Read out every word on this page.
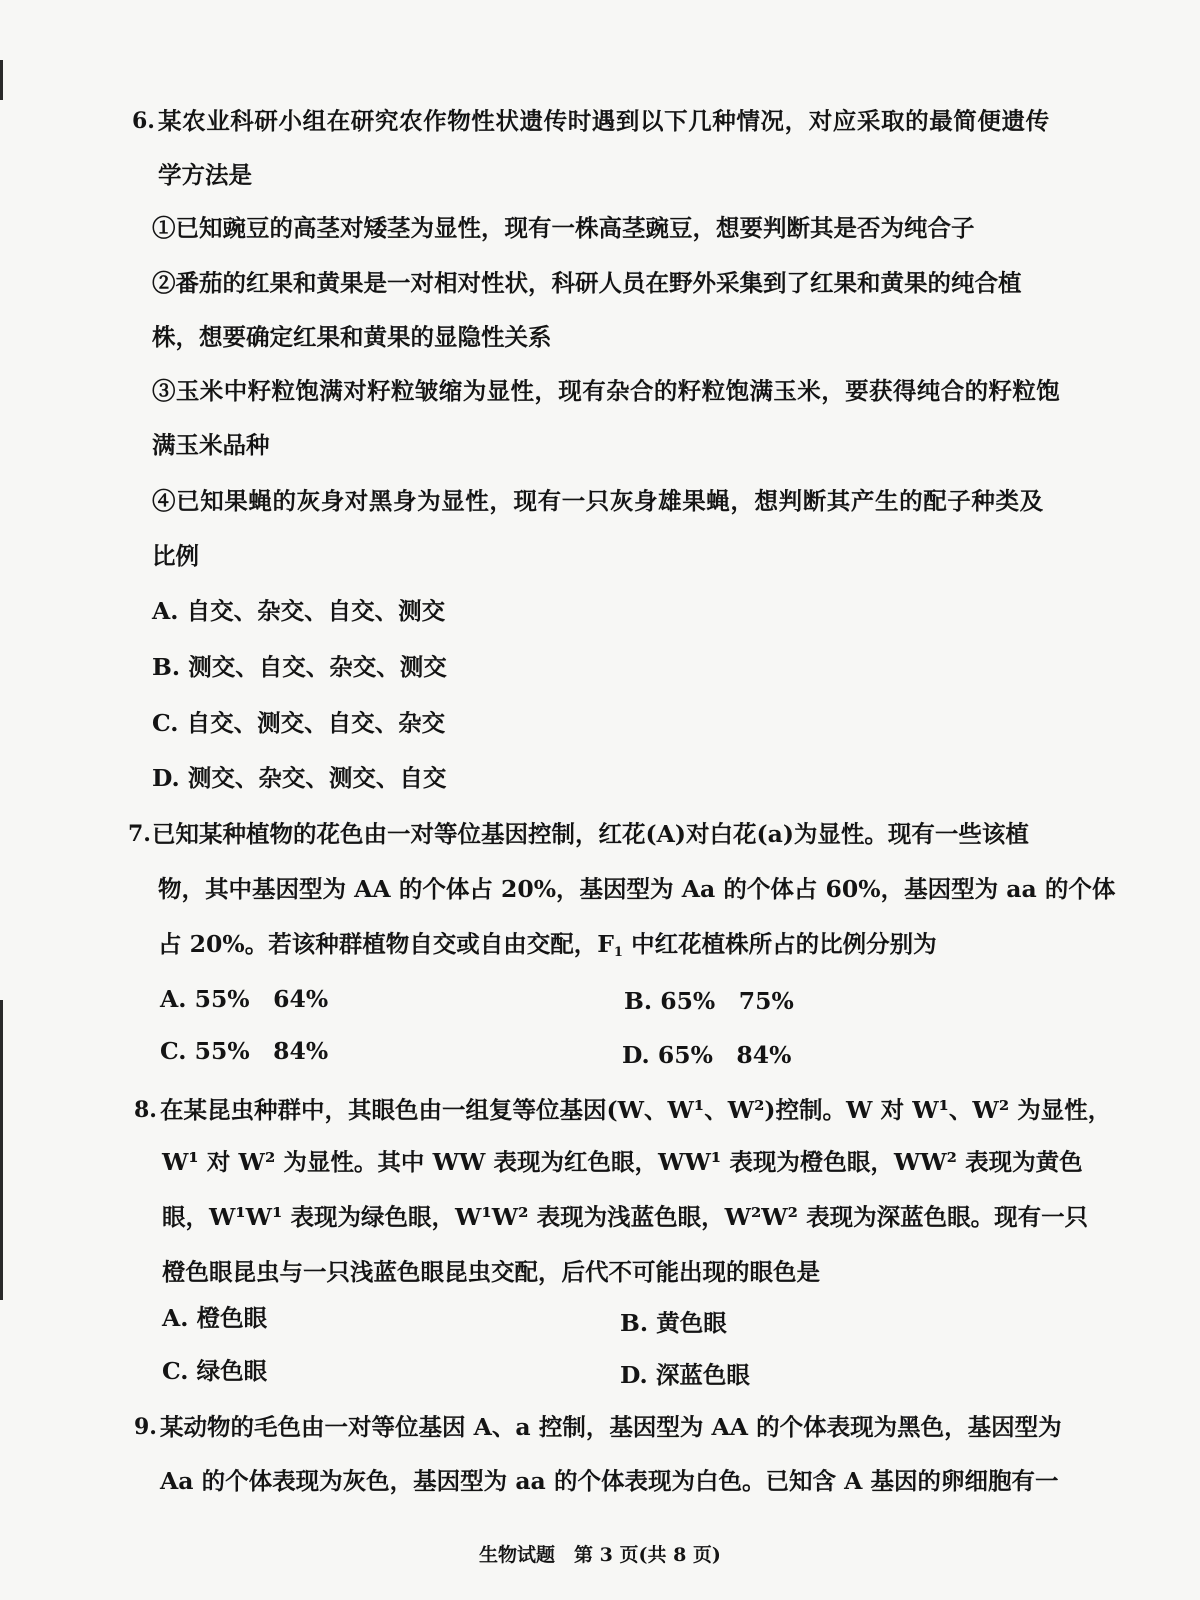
6. 某农业科研小组在研究农作物性状遗传时遇到以下几种情况，对应采取的最简便遗传
学方法是
①已知豌豆的高茎对矮茎为显性，现有一株高茎豌豆，想要判断其是否为纯合子
②番茄的红果和黄果是一对相对性状，科研人员在野外采集到了红果和黄果的纯合植
株，想要确定红果和黄果的显隐性关系
③玉米中籽粒饱满对籽粒皱缩为显性，现有杂合的籽粒饱满玉米，要获得纯合的籽粒饱
满玉米品种
④已知果蝇的灰身对黑身为显性，现有一只灰身雄果蝇，想判断其产生的配子种类及
比例
A. 自交、杂交、自交、测交
B. 测交、自交、杂交、测交
C. 自交、测交、自交、杂交
D. 测交、杂交、测交、自交
7. 已知某种植物的花色由一对等位基因控制，红花(A)对白花(a)为显性。现有一些该植
物，其中基因型为 AA 的个体占 20%，基因型为 Aa 的个体占 60%，基因型为 aa 的个体
占 20%。若该种群植物自交或自由交配，$F_1$ 中红花植株所占的比例分别为
A. 55%　64%	B. 65%　75%
C. 55%　84%	D. 65%　84%
8. 在某昆虫种群中，其眼色由一组复等位基因(W、W¹、W²)控制。W 对 W¹、W² 为显性，
W¹ 对 W² 为显性。其中 WW 表现为红色眼，WW¹ 表现为橙色眼，WW² 表现为黄色
眼，W¹W¹ 表现为绿色眼，W¹W² 表现为浅蓝色眼，W²W² 表现为深蓝色眼。现有一只
橙色眼昆虫与一只浅蓝色眼昆虫交配，后代不可能出现的眼色是
A. 橙色眼	B. 黄色眼
C. 绿色眼	D. 深蓝色眼
9. 某动物的毛色由一对等位基因 A、a 控制，基因型为 AA 的个体表现为黑色，基因型为
Aa 的个体表现为灰色，基因型为 aa 的个体表现为白色。已知含 A 基因的卵细胞有一
生物试题　第 3 页(共 8 页)
